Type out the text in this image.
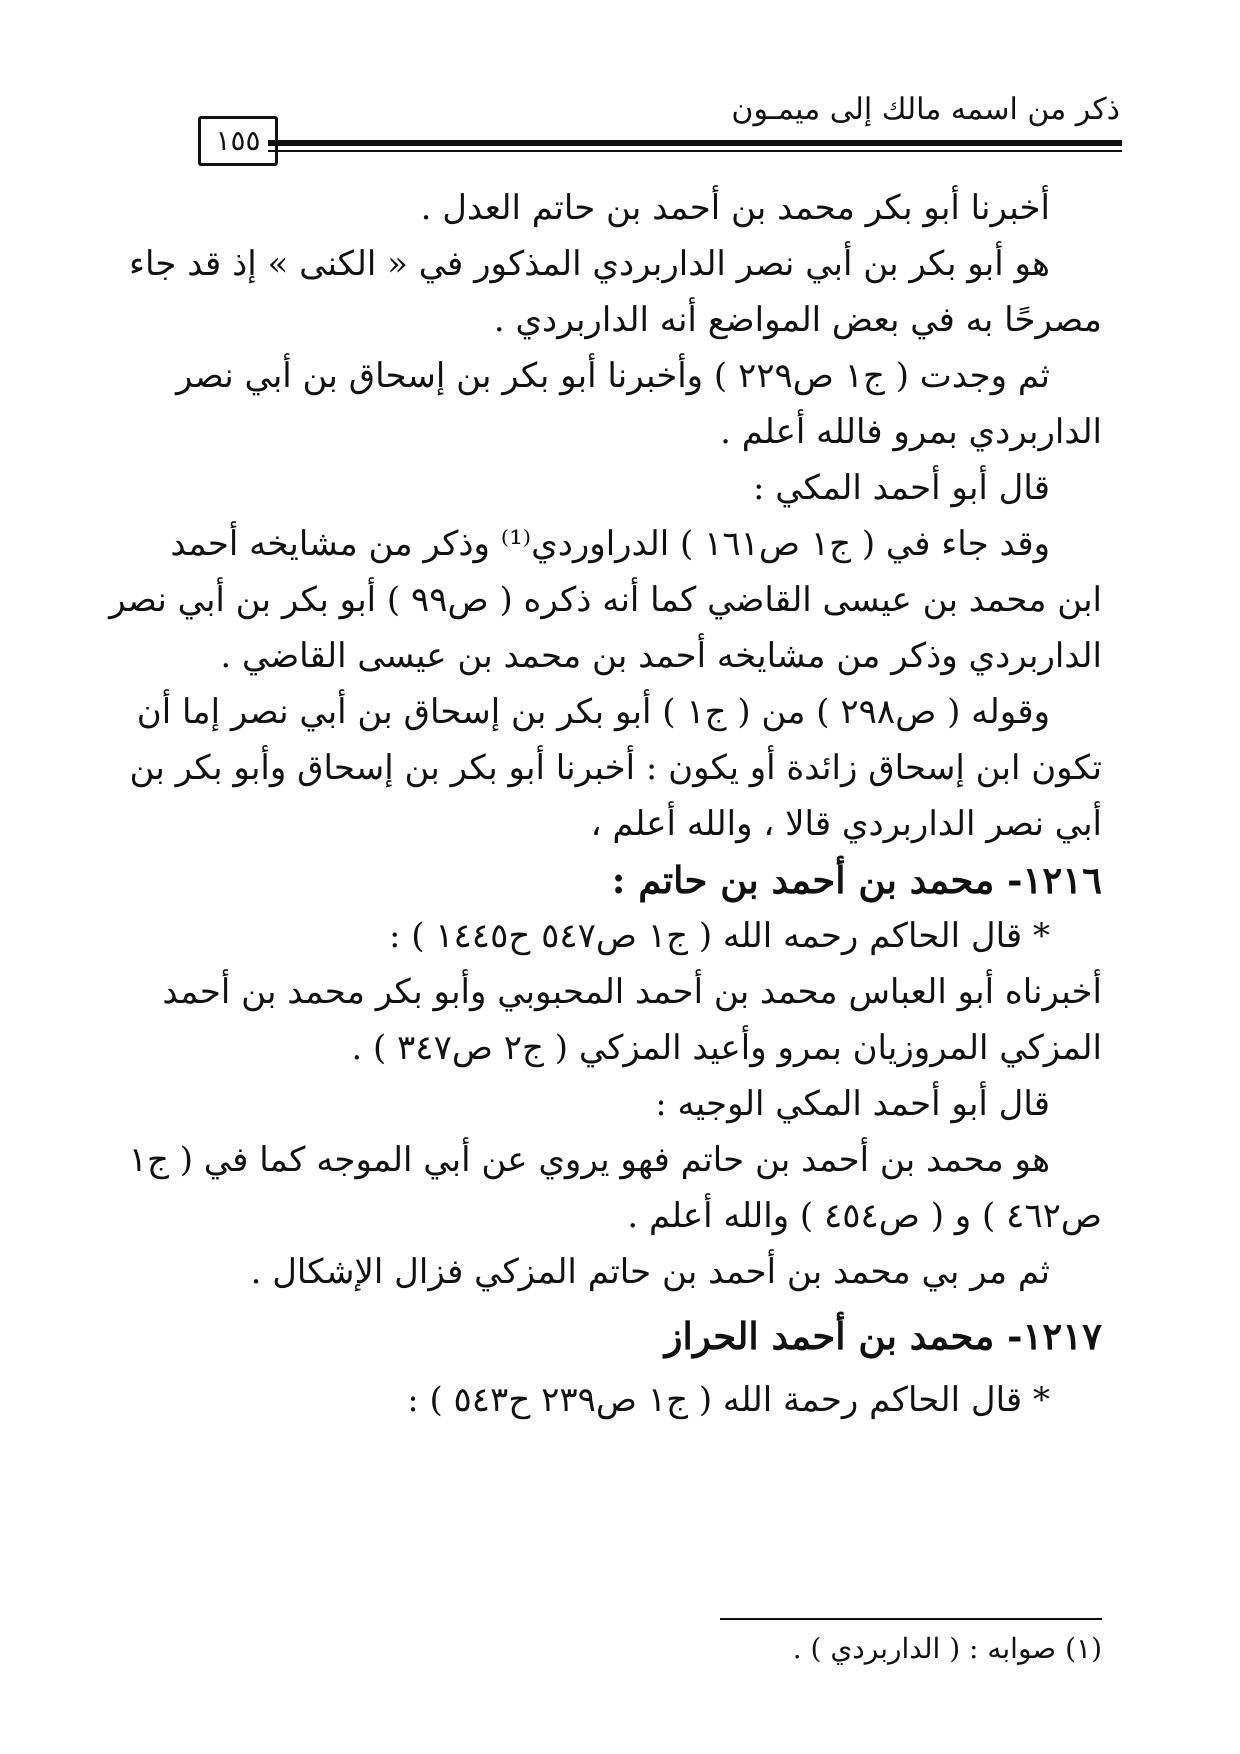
ذكر من اسمه مالك إلى ميمـون
١٥٥
أخبرنا أبو بكر محمد بن أحمد بن حاتم العدل .
هو أبو بكر بن أبي نصر الداربردي المذكور في « الكنى » إذ قد جاء
مصرحًا به في بعض المواضع أنه الداربردي .
ثم وجدت ( ج١ ص٢٢٩ ) وأخبرنا أبو بكر بن إسحاق بن أبي نصر
الداربردي بمرو فالله أعلم .
قال أبو أحمد المكي :
وقد جاء في ( ج١ ص١٦١ ) الدراوردي⁽¹⁾ وذكر من مشايخه أحمد
ابن محمد بن عيسى القاضي كما أنه ذكره ( ص٩٩ ) أبو بكر بن أبي نصر
الداربردي وذكر من مشايخه أحمد بن محمد بن عيسى القاضي .
وقوله ( ص٢٩٨ ) من ( ج١ ) أبو بكر بن إسحاق بن أبي نصر إما أن
تكون ابن إسحاق زائدة أو يكون : أخبرنا أبو بكر بن إسحاق وأبو بكر بن
أبي نصر الداربردي قالا ، والله أعلم ،
١٢١٦- محمد بن أحمد بن حاتم :
* قال الحاكم رحمه الله ( ج١ ص٥٤٧ ح١٤٤٥ ) :
أخبرناه أبو العباس محمد بن أحمد المحبوبي وأبو بكر محمد بن أحمد
المزكي المروزيان بمرو وأعيد المزكي ( ج٢ ص٣٤٧ ) .
قال أبو أحمد المكي الوجيه :
هو محمد بن أحمد بن حاتم فهو يروي عن أبي الموجه كما في ( ج١
ص٤٦٢ ) و ( ص٤٥٤ ) والله أعلم .
ثم مر بي محمد بن أحمد بن حاتم المزكي فزال الإشكال .
١٢١٧- محمد بن أحمد الحراز
* قال الحاكم رحمة الله ( ج١ ص٢٣٩ ح٥٤٣ ) :
(١) صوابه : ( الداربردي ) .
